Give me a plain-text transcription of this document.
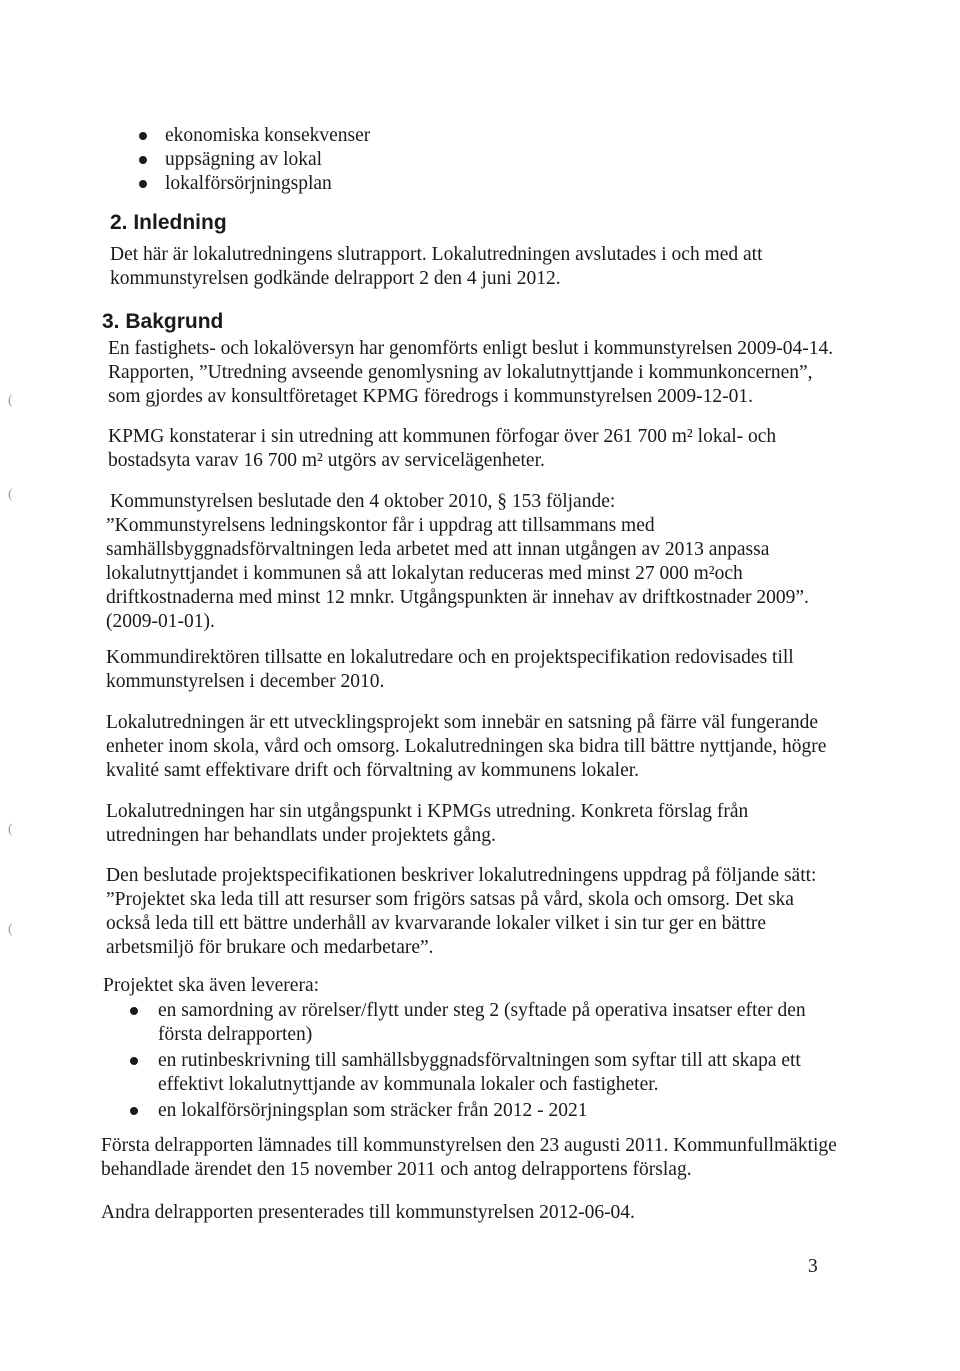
ekonomiska konsekvenser
uppsägning av lokal
lokalförsörjningsplan
2. Inledning
Det här är lokalutredningens slutrapport. Lokalutredningen avslutades i och med att
kommunstyrelsen godkände delrapport 2 den 4 juni 2012.
3. Bakgrund
En fastighets- och lokalöversyn har genomförts enligt beslut i kommunstyrelsen 2009-04-14.
Rapporten, ”Utredning avseende genomlysning av lokalutnyttjande i kommunkoncernen”,
som gjordes av konsultföretaget KPMG föredrogs i kommunstyrelsen 2009-12-01.
KPMG konstaterar i sin utredning att kommunen förfogar över 261 700 m² lokal- och
bostadsyta varav 16 700 m² utgörs av servicelägenheter.
Kommunstyrelsen beslutade den 4 oktober 2010, § 153 följande:
”Kommunstyrelsens ledningskontor får i uppdrag att tillsammans med
samhällsbyggnadsförvaltningen leda arbetet med att innan utgången av 2013 anpassa
lokalutnyttjandet i kommunen så att lokalytan reduceras med minst 27 000 m²och
driftkostnaderna med minst 12 mnkr. Utgångspunkten är innehav av driftkostnader 2009”.
(2009-01-01).
Kommundirektören tillsatte en lokalutredare och en projektspecifikation redovisades till
kommunstyrelsen i december 2010.
Lokalutredningen är ett utvecklingsprojekt som innebär en satsning på färre väl fungerande
enheter inom skola, vård och omsorg. Lokalutredningen ska bidra till bättre nyttjande, högre
kvalité samt effektivare drift och förvaltning av kommunens lokaler.
Lokalutredningen har sin utgångspunkt i KPMGs utredning. Konkreta förslag från
utredningen har behandlats under projektets gång.
Den beslutade projektspecifikationen beskriver lokalutredningens uppdrag på följande sätt:
”Projektet ska leda till att resurser som frigörs satsas på vård, skola och omsorg. Det ska
också leda till ett bättre underhåll av kvarvarande lokaler vilket i sin tur ger en bättre
arbetsmiljö för brukare och medarbetare”.
Projektet ska även leverera:
en samordning av rörelser/flytt under steg 2 (syftade på operativa insatser efter den
första delrapporten)
en rutinbeskrivning till samhällsbyggnadsförvaltningen som syftar till att skapa ett
effektivt lokalutnyttjande av kommunala lokaler och fastigheter.
en lokalförsörjningsplan som sträcker från 2012 - 2021
Första delrapporten lämnades till kommunstyrelsen den 23 augusti 2011. Kommunfullmäktige
behandlade ärendet den 15 november 2011 och antog delrapportens förslag.
Andra delrapporten presenterades till kommunstyrelsen 2012-06-04.
3
(
(
(
(
